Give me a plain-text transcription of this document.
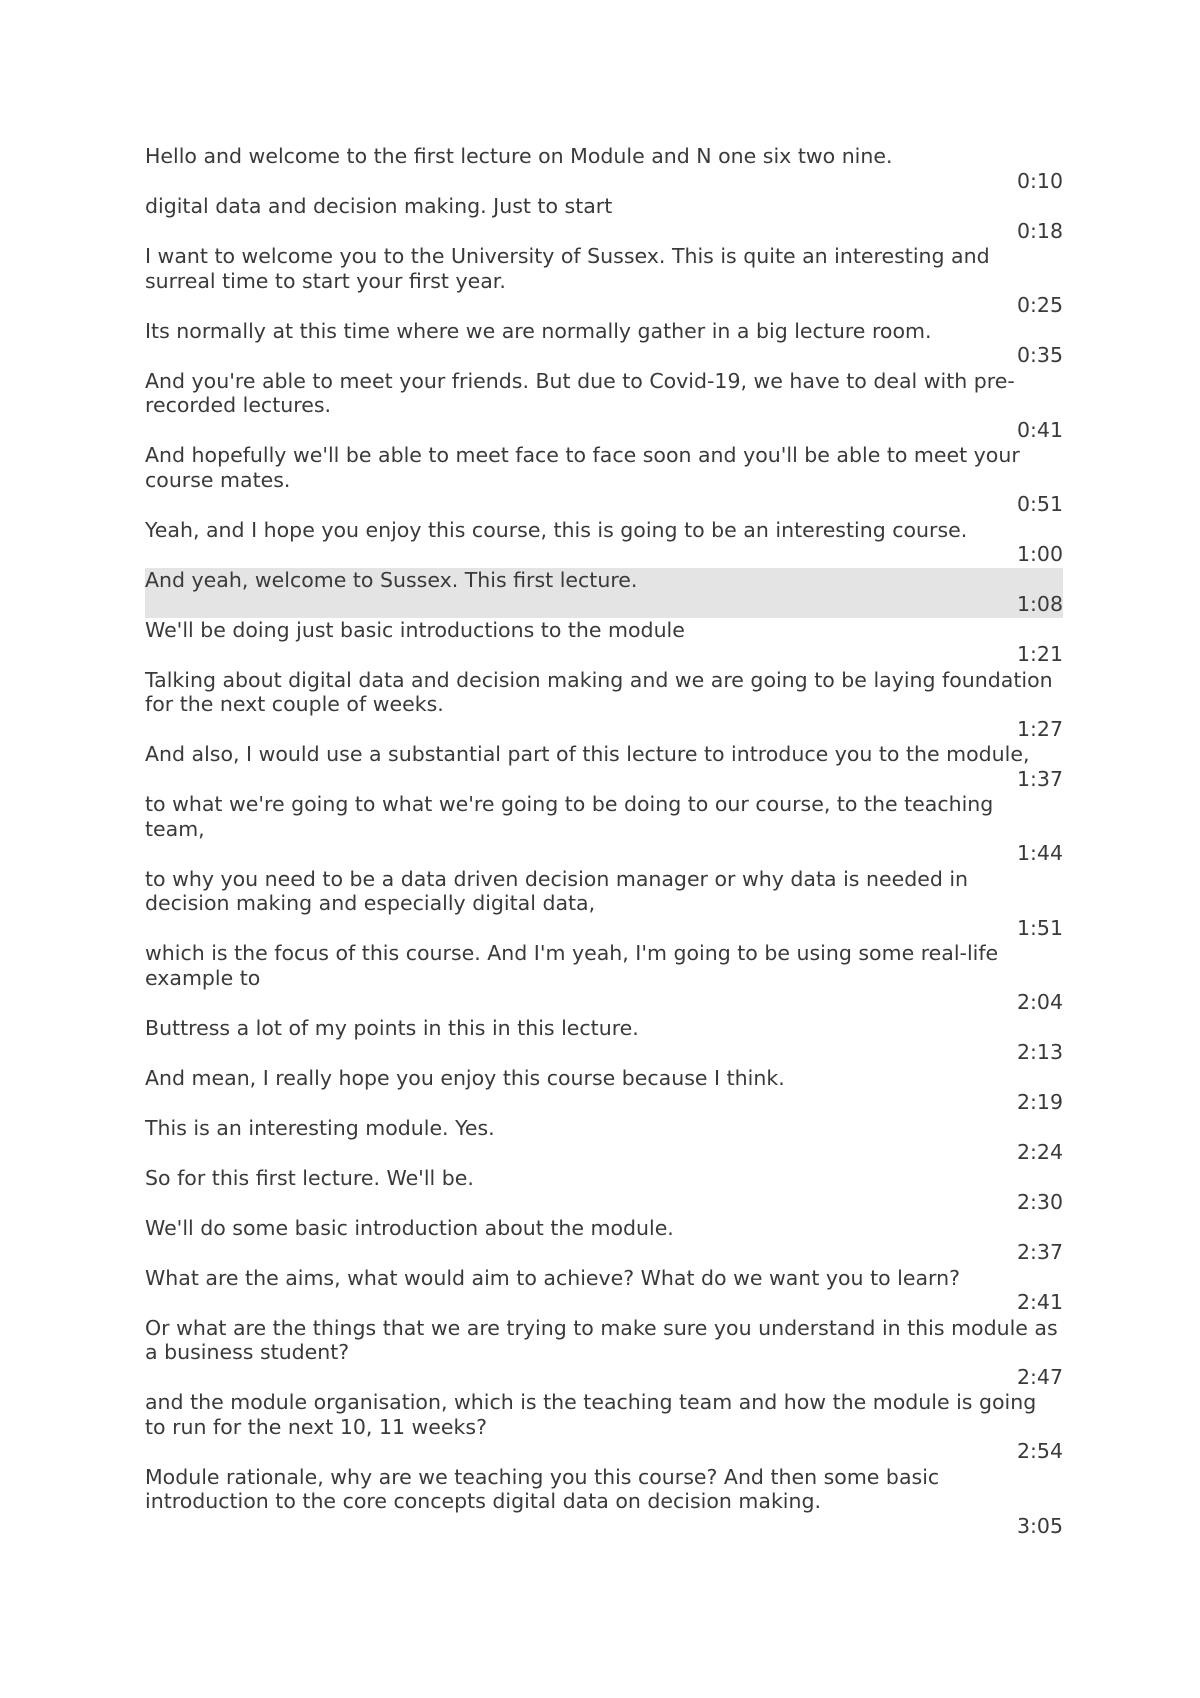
Hello and welcome to the first lecture on Module and N one six two nine.
0:10
digital data and decision making. Just to start
0:18
I want to welcome you to the University of Sussex. This is quite an interesting and surreal time to start your first year.
0:25
Its normally at this time where we are normally gather in a big lecture room.
0:35
And you're able to meet your friends. But due to Covid-19, we have to deal with pre-recorded lectures.
0:41
And hopefully we'll be able to meet face to face soon and you'll be able to meet your course mates.
0:51
Yeah, and I hope you enjoy this course, this is going to be an interesting course.
1:00
And yeah, welcome to Sussex. This first lecture.
1:08
We'll be doing just basic introductions to the module
1:21
Talking about digital data and decision making and we are going to be laying foundation for the next couple of weeks.
1:27
And also, I would use a substantial part of this lecture to introduce you to the module,
1:37
to what we're going to what we're going to be doing to our course, to the teaching team,
1:44
to why you need to be a data driven decision manager or why data is needed in decision making and especially digital data,
1:51
which is the focus of this course. And I'm yeah, I'm going to be using some real-life example to
2:04
Buttress a lot of my points in this in this lecture.
2:13
And mean, I really hope you enjoy this course because I think.
2:19
This is an interesting module. Yes.
2:24
So for this first lecture. We'll be.
2:30
We'll do some basic introduction about the module.
2:37
What are the aims, what would aim to achieve? What do we want you to learn?
2:41
Or what are the things that we are trying to make sure you understand in this module as a business student?
2:47
and the module organisation, which is the teaching team and how the module is going to run for the next 10, 11 weeks?
2:54
Module rationale, why are we teaching you this course? And then some basic introduction to the core concepts digital data on decision making.
3:05
